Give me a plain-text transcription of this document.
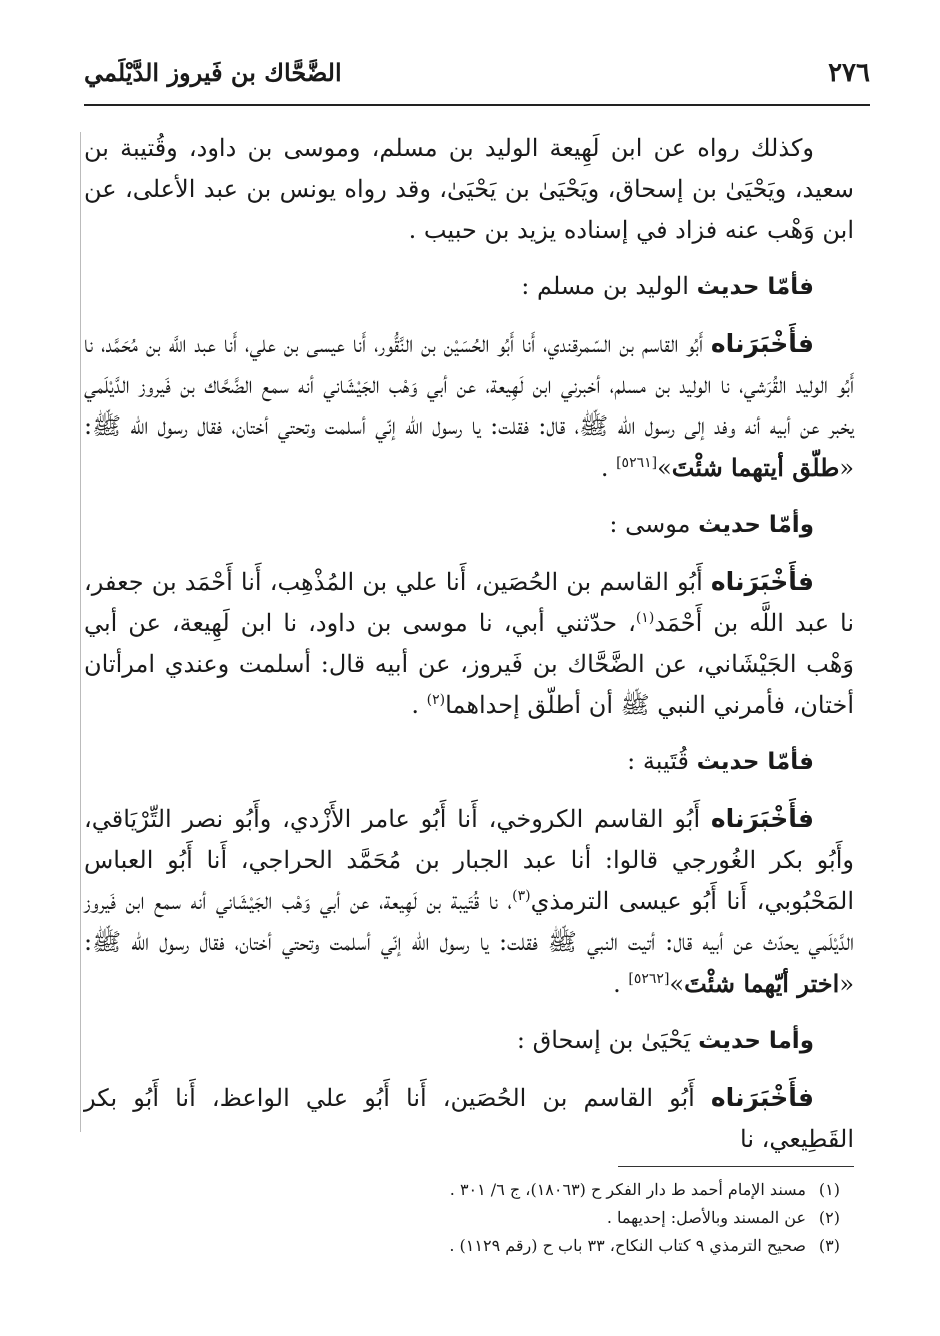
٢٧٦
الضَّحَّاك بن فَيروز الدَّيْلَمي

وكذلك رواه عن ابن لَهِيعة الوليد بن مسلم، وموسى بن داود، وقُتيبة بن سعيد، ويَحْيَىٰ بن إسحاق، ويَحْيَىٰ بن يَحْيَىٰ، وقد رواه يونس بن عبد الأعلى، عن ابن وَهْب عنه فزاد في إسناده يزيد بن حبيب .

فأمّا حديث الوليد بن مسلم :

فأَخْبَرَناه أَبُو القاسم بن السّمرقندي، أَنا أَبُو الحُسَيْن بن النَّقُّور، أَنا عيسى بن علي، أَنا عبد اللَّه بن مُحَمَّد، نا أَبُو الوليد القُرَشي، نا الوليد بن مسلم، أخبرني ابن لَهِيعة، عن أبي وَهْب الجَيْشَاني أنه سمع الضَّحَّاك بن فَيروز الدَّيْلَمي يخبر عن أبيه أنه وفد إلى رسول الله ﷺ، قال: فقلت: يا رسول الله إنّي أسلمت وتحتي أختان، فقال رسول الله ﷺ: «طلّق أيتهما شئْتَ»[٥٢٦١] .

وأمّا حديث موسى :

فأَخْبَرَناه أَبُو القاسم بن الحُصَين، أَنا علي بن المُذْهِب، أَنا أَحْمَد بن جعفر، نا عبد اللَّه بن أَحْمَد$^{(١)}$، حدّثني أبي، نا موسى بن داود، نا ابن لَهِيعة، عن أبي وَهْب الجَيْشَاني، عن الضَّحَّاك بن فَيروز، عن أبيه قال: أسلمت وعندي امرأتان أختان، فأمرني النبي ﷺ أن أطلّق إحداهما$^{(٢)}$ .

فأمّا حديث قُتَيبة :

فأَخْبَرَناه أَبُو القاسم الكروخي، أَنا أَبُو عامر الأَزْدي، وأَبُو نصر التِّرْيَاقي، وأَبُو بكر الغُورجي قالوا: أنا عبد الجبار بن مُحَمَّد الحراجي، أَنا أَبُو العباس المَحْبُوبي، أَنا أَبُو عيسى الترمذي$^{(٣)}$، نا قُتَيبة بن لَهِيعة، عن أبي وَهْب الجَيْشَاني أنه سمع ابن فَيروز الدَّيْلَمي يحدّث عن أبيه قال: أتيت النبي ﷺ فقلت: يا رسول الله إنّي أسلمت وتحتي أختان، فقال رسول الله ﷺ: «اختر أيّهما شئْتَ»[٥٢٦٢] .

وأما حديث يَحْيَىٰ بن إسحاق :

فأَخْبَرَناه أَبُو القاسم بن الحُصَين، أَنا أَبُو علي الواعظ، أَنا أَبُو بكر القَطِيعي، نا

(١)مسند الإمام أحمد ط دار الفكر ح (١٨٠٦٣)، ج ٦/ ٣٠١ .

(٢)عن المسند وبالأصل: إحديهما .

(٣)صحيح الترمذي ٩ كتاب النكاح، ٣٣ باب ح (رقم ١١٢٩) .
